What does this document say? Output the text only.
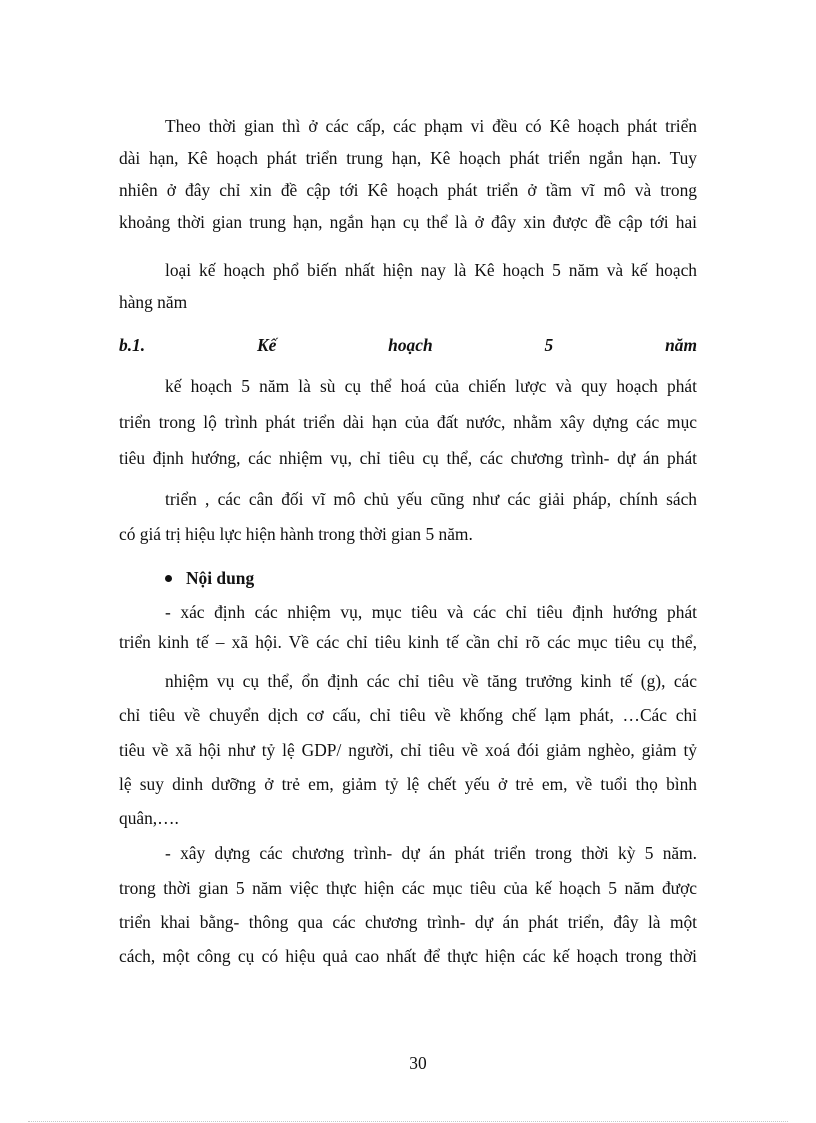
Theo thời gian thì ở các cấp, các phạm vi đều có Kê hoạch phát triển
dài hạn, Kê hoạch phát triển trung hạn, Kê hoạch phát triển ngắn hạn. Tuy
nhiên ở đây chỉ xin đề cập tới Kê hoạch phát triển ở tầm vĩ mô và trong
khoảng thời gian trung hạn, ngắn hạn cụ thể là ở đây xin được đề cập tới hai
loại kế hoạch phổ biến nhất hiện nay là Kê hoạch 5 năm và kế hoạch
hàng năm
b.1.	Kế	hoạch	5	năm
kế hoạch 5 năm là sù cụ thể hoá của chiến lược và quy hoạch phát
triển trong lộ trình phát triển dài hạn của đất nước, nhằm xây dựng các mục
tiêu định hướng, các nhiệm vụ, chỉ tiêu cụ thể, các chương trình- dự án phát
triển , các cân đối vĩ mô chủ yếu cũng như các giải pháp, chính sách
có giá trị hiệu lực hiện hành trong thời gian 5 năm.
Nội dung
- xác định các nhiệm vụ, mục tiêu và các chỉ tiêu định hướng phát
triển kinh tế – xã hội. Về các chỉ tiêu kinh tế cần chỉ rõ các mục tiêu cụ thể,
nhiệm vụ cụ thể, ổn định các chỉ tiêu về tăng trưởng kinh tế (g), các
chỉ tiêu về chuyển dịch cơ cấu, chỉ tiêu về khống chế lạm phát, …Các chỉ
tiêu về xã hội như tỷ lệ GDP/ người, chỉ tiêu về xoá đói giảm nghèo, giảm tỷ
lệ suy dinh dưỡng ở trẻ em, giảm tỷ lệ chết yếu ở trẻ em, về tuổi thọ bình
quân,….
- xây dựng các chương trình- dự án phát triển trong thời kỳ 5 năm.
trong thời gian 5 năm việc thực hiện các mục tiêu của kế hoạch 5 năm được
triển khai bằng- thông qua các chương trình- dự án phát triển, đây là một
cách, một công cụ có hiệu quả cao nhất để thực hiện các kế hoạch trong thời
30
